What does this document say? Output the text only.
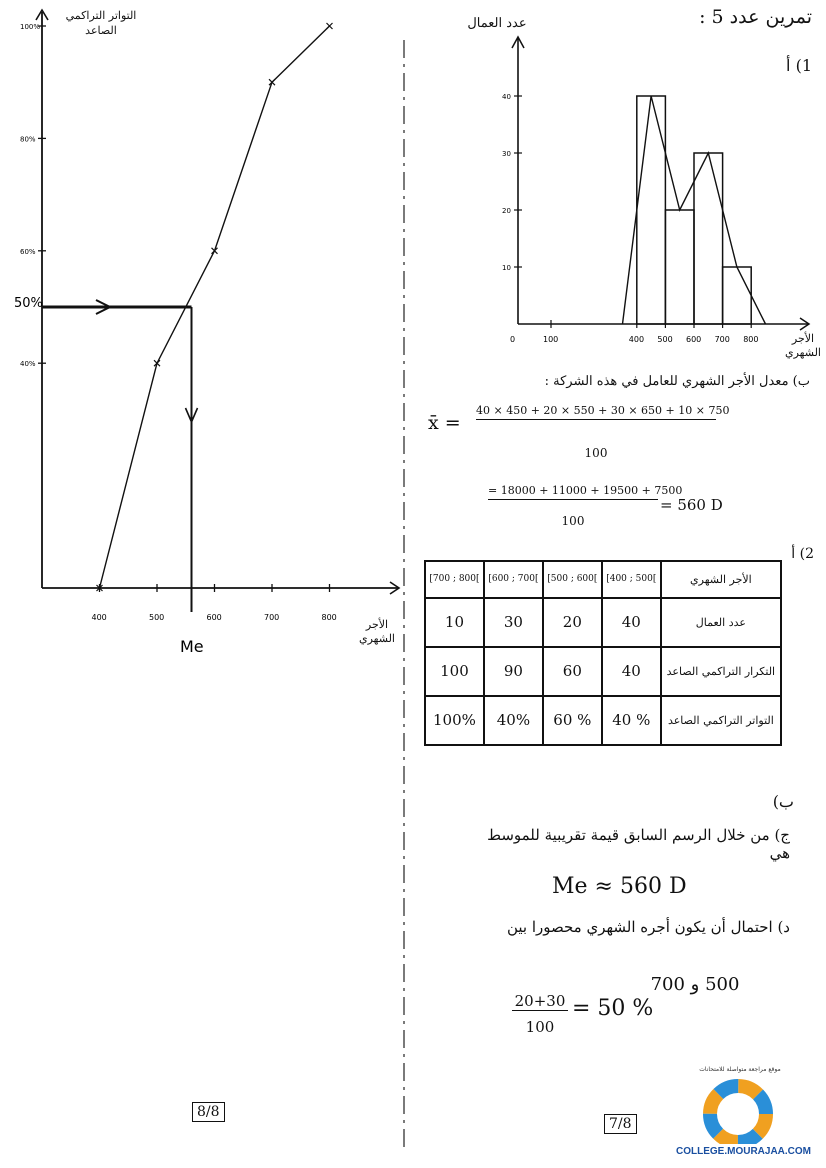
400	500	600	700	800
100%
80%
60%
40%
50%
Me
التواتر التراكمي الصاعد

الأجر الشهري
تمرين عدد 5 :
1) أ
0	100	400 500 600 700 800
40
30
20
10
عدد العمال
الأجر الشهري
ب) معدل الأجر الشهري للعامل في هذه الشركة :
x̄ =
40 × 450 + 20 × 550 + 30 × 650 + 10 × 750
100
= 18000 + 11000 + 19500 + 7500
100
= 560 D
2) أ
[700 ; 800[	[600 ; 700[	[500 ; 600[	[400 ; 500[	الأجر الشهري
10	30	20	40	عدد العمال
100	90	60	40	التكرار التراكمي الصاعد
100%	40%	60 %	40 %	التواتر التراكمي الصاعد
ب)
ج) من خلال الرسم السابق قيمة تقريبية للموسط هي
Me ≈ 560 D
د) احتمال أن يكون أجره الشهري محصورا بين
500 و 700
20+30
100
= 50 %
8/8
7/8
موقع مراجعة متواصلة للامتحانات
COLLEGE.MOURAJAA.COM
